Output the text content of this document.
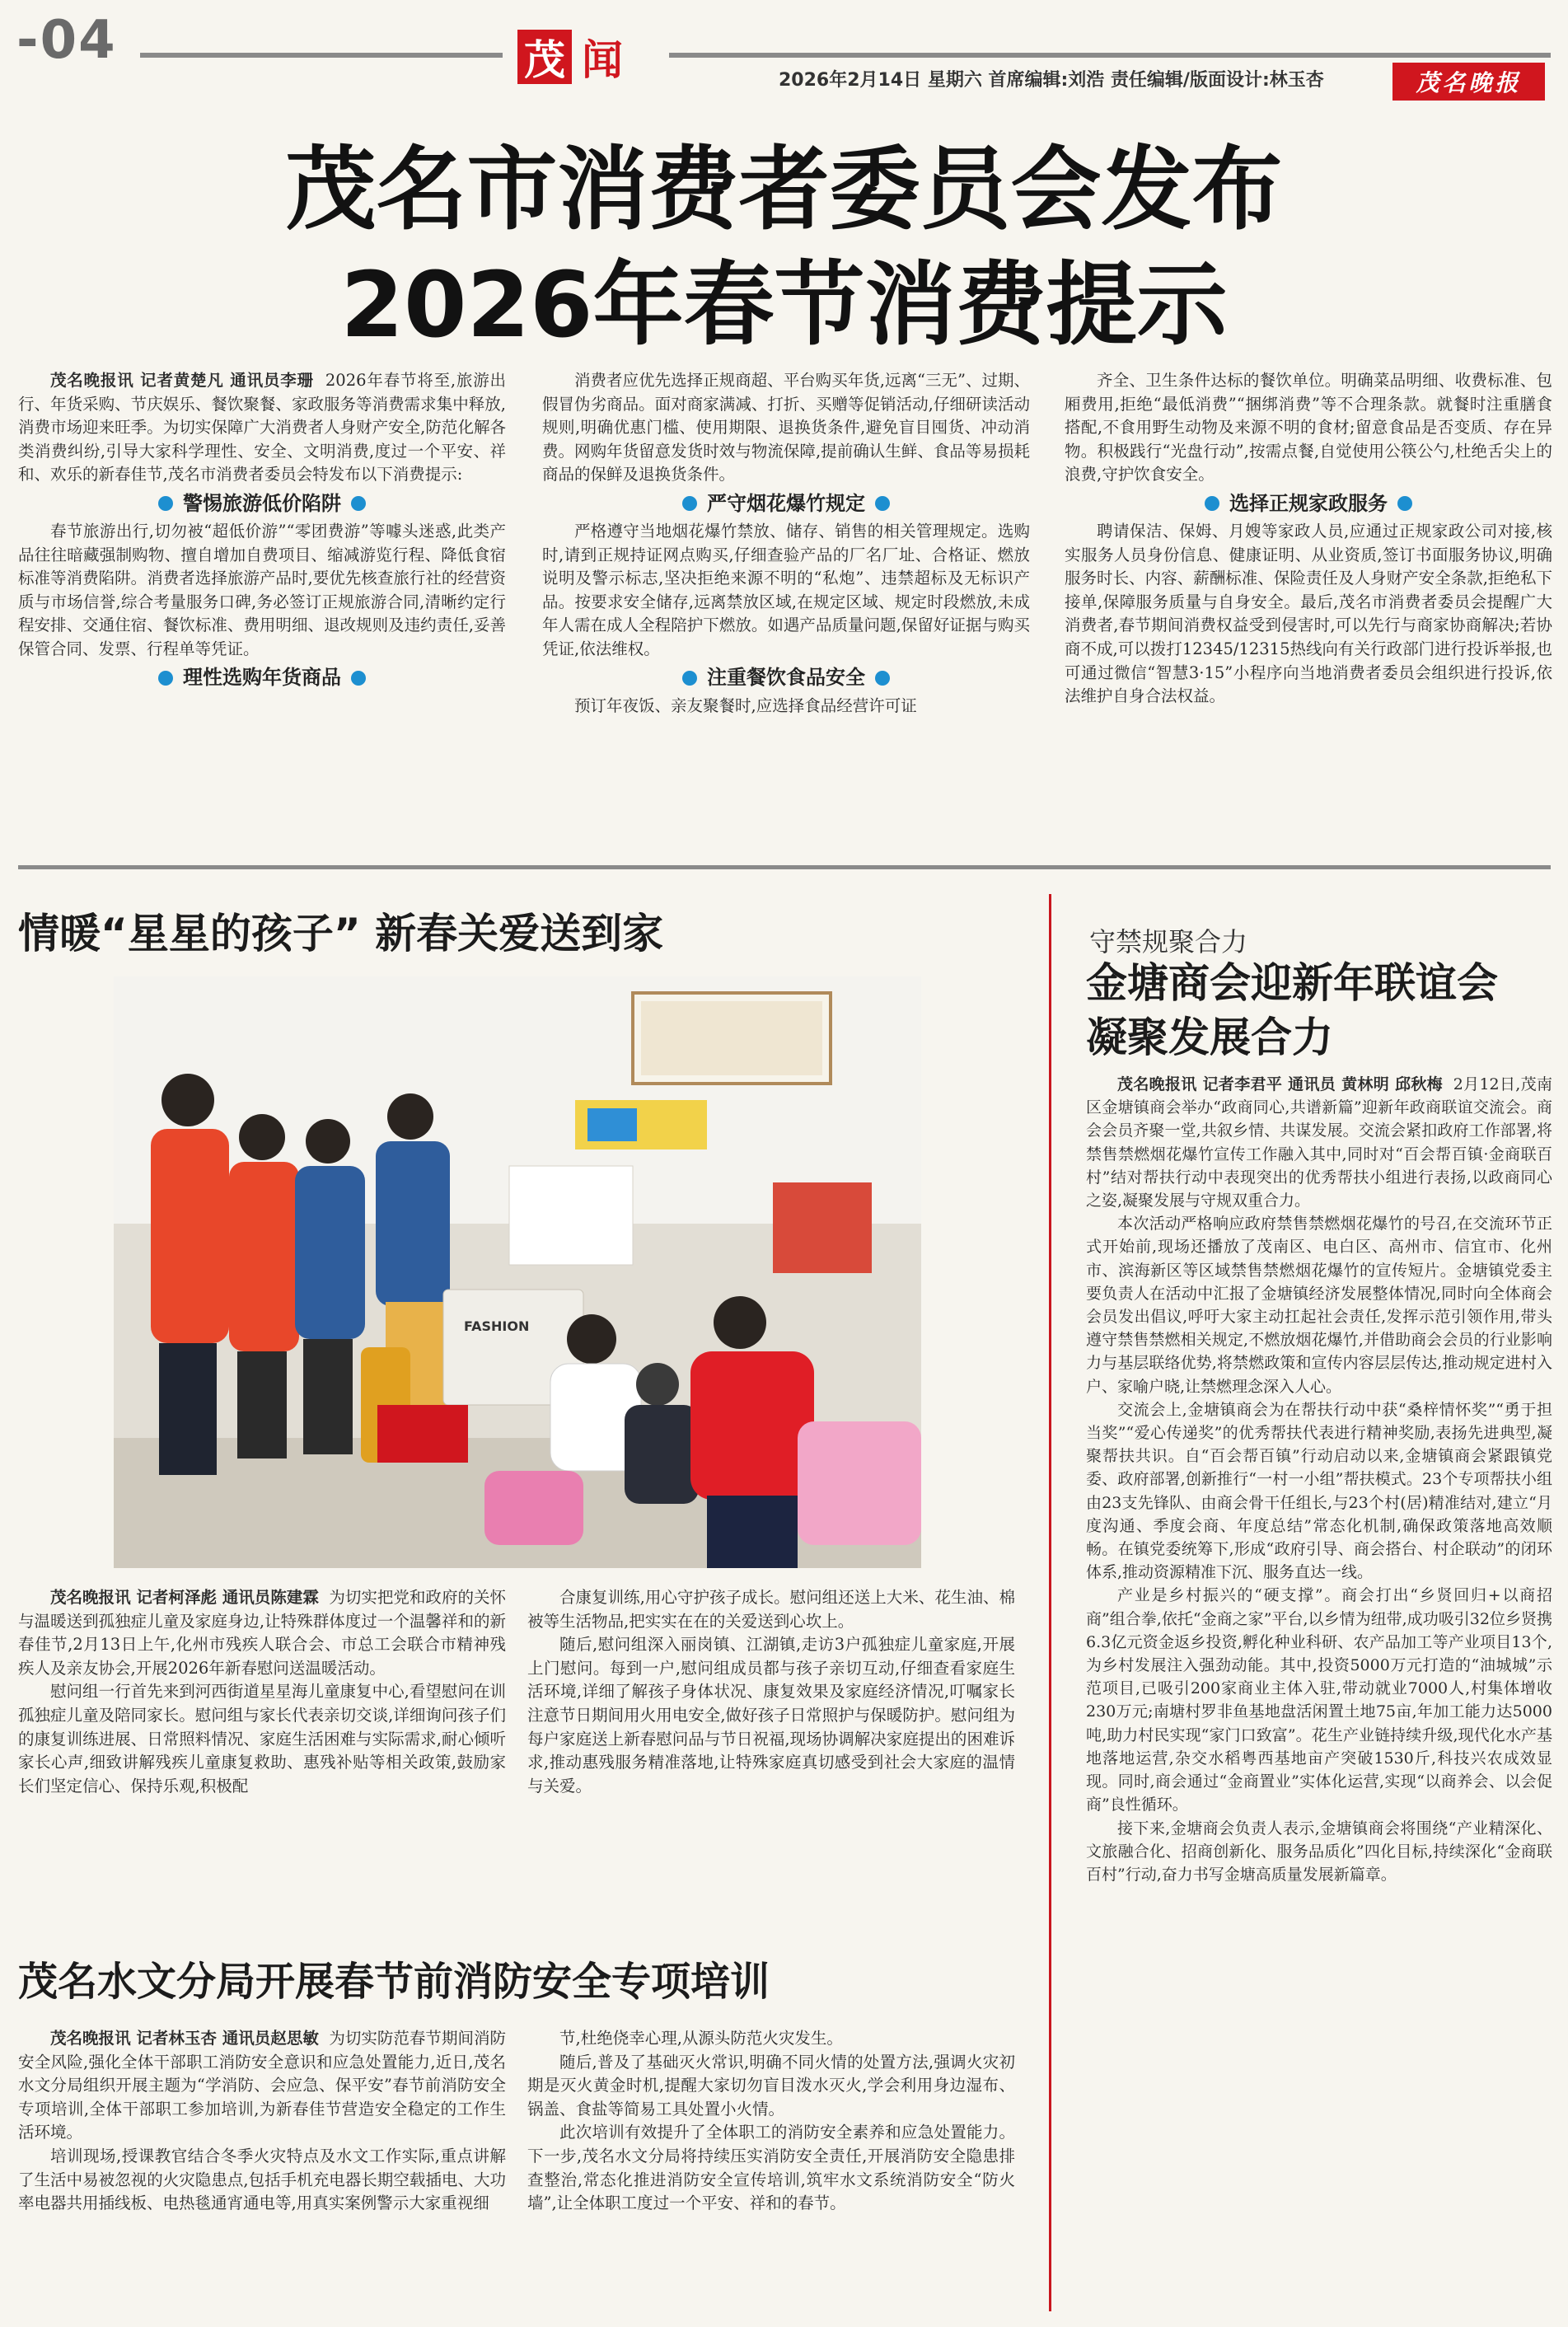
-04	茂 闻	2026年2月14日 星期六 首席编辑:刘浩 责任编辑/版面设计:林玉杏	茂名晚报
茂名市消费者委员会发布
2026年春节消费提示

茂名晚报讯 记者黄楚凡 通讯员李珊 2026年春节将至,旅游出行、年货采购、节庆娱乐、餐饮聚餐、家政服务等消费需求集中释放,消费市场迎来旺季。为切实保障广大消费者人身财产安全,防范化解各类消费纠纷,引导大家科学理性、安全、文明消费,度过一个平安、祥和、欢乐的新春佳节,茂名市消费者委员会特发布以下消费提示:

警惕旅游低价陷阱

春节旅游出行,切勿被“超低价游”“零团费游”等噱头迷惑,此类产品往往暗藏强制购物、擅自增加自费项目、缩减游览行程、降低食宿标准等消费陷阱。消费者选择旅游产品时,要优先核查旅行社的经营资质与市场信誉,综合考量服务口碑,务必签订正规旅游合同,清晰约定行程安排、交通住宿、餐饮标准、费用明细、退改规则及违约责任,妥善保管合同、发票、行程单等凭证。

理性选购年货商品

消费者应优先选择正规商超、平台购买年货,远离“三无”、过期、假冒伪劣商品。面对商家满减、打折、买赠等促销活动,仔细研读活动规则,明确优惠门槛、使用期限、退换货条件,避免盲目囤货、冲动消费。网购年货留意发货时效与物流保障,提前确认生鲜、食品等易损耗商品的保鲜及退换货条件。

严守烟花爆竹规定

严格遵守当地烟花爆竹禁放、储存、销售的相关管理规定。选购时,请到正规持证网点购买,仔细查验产品的厂名厂址、合格证、燃放说明及警示标志,坚决拒绝来源不明的“私炮”、违禁超标及无标识产品。按要求安全储存,远离禁放区域,在规定区域、规定时段燃放,未成年人需在成人全程陪护下燃放。如遇产品质量问题,保留好证据与购买凭证,依法维权。

注重餐饮食品安全

预订年夜饭、亲友聚餐时,应选择食品经营许可证

齐全、卫生条件达标的餐饮单位。明确菜品明细、收费标准、包厢费用,拒绝“最低消费”“捆绑消费”等不合理条款。就餐时注重膳食搭配,不食用野生动物及来源不明的食材;留意食品是否变质、存在异物。积极践行“光盘行动”,按需点餐,自觉使用公筷公勺,杜绝舌尖上的浪费,守护饮食安全。

选择正规家政服务

聘请保洁、保姆、月嫂等家政人员,应通过正规家政公司对接,核实服务人员身份信息、健康证明、从业资质,签订书面服务协议,明确服务时长、内容、薪酬标准、保险责任及人身财产安全条款,拒绝私下接单,保障服务质量与自身安全。最后,茂名市消费者委员会提醒广大消费者,春节期间消费权益受到侵害时,可以先行与商家协商解决;若协商不成,可以拨打12345/12315热线向有关行政部门进行投诉举报,也可通过微信“智慧3·15”小程序向当地消费者委员会组织进行投诉,依法维护自身合法权益。

情暖“星星的孩子” 新春关爱送到家
FASHION

茂名晚报讯 记者柯泽彪 通讯员陈建霖 为切实把党和政府的关怀与温暖送到孤独症儿童及家庭身边,让特殊群体度过一个温馨祥和的新春佳节,2月13日上午,化州市残疾人联合会、市总工会联合市精神残疾人及亲友协会,开展2026年新春慰问送温暖活动。

慰问组一行首先来到河西街道星星海儿童康复中心,看望慰问在训孤独症儿童及陪同家长。慰问组与家长代表亲切交谈,详细询问孩子们的康复训练进展、日常照料情况、家庭生活困难与实际需求,耐心倾听家长心声,细致讲解残疾儿童康复救助、惠残补贴等相关政策,鼓励家长们坚定信心、保持乐观,积极配

合康复训练,用心守护孩子成长。慰问组还送上大米、花生油、棉被等生活物品,把实实在在的关爱送到心坎上。

随后,慰问组深入丽岗镇、江湖镇,走访3户孤独症儿童家庭,开展上门慰问。每到一户,慰问组成员都与孩子亲切互动,仔细查看家庭生活环境,详细了解孩子身体状况、康复效果及家庭经济情况,叮嘱家长注意节日期间用火用电安全,做好孩子日常照护与保暖防护。慰问组为每户家庭送上新春慰问品与节日祝福,现场协调解决家庭提出的困难诉求,推动惠残服务精准落地,让特殊家庭真切感受到社会大家庭的温情与关爱。

茂名水文分局开展春节前消防安全专项培训

茂名晚报讯 记者林玉杏 通讯员赵思敏 为切实防范春节期间消防安全风险,强化全体干部职工消防安全意识和应急处置能力,近日,茂名水文分局组织开展主题为“学消防、会应急、保平安”春节前消防安全专项培训,全体干部职工参加培训,为新春佳节营造安全稳定的工作生活环境。

培训现场,授课教官结合冬季火灾特点及水文工作实际,重点讲解了生活中易被忽视的火灾隐患点,包括手机充电器长期空载插电、大功率电器共用插线板、电热毯通宵通电等,用真实案例警示大家重视细

节,杜绝侥幸心理,从源头防范火灾发生。

随后,普及了基础灭火常识,明确不同火情的处置方法,强调火灾初期是灭火黄金时机,提醒大家切勿盲目泼水灭火,学会利用身边湿布、锅盖、食盐等简易工具处置小火情。

此次培训有效提升了全体职工的消防安全素养和应急处置能力。下一步,茂名水文分局将持续压实消防安全责任,开展消防安全隐患排查整治,常态化推进消防安全宣传培训,筑牢水文系统消防安全“防火墙”,让全体职工度过一个平安、祥和的春节。

守禁规聚合力
金塘商会迎新年联谊会
凝聚发展合力

茂名晚报讯 记者李君平 通讯员 黄林明 邱秋梅 2月12日,茂南区金塘镇商会举办“政商同心,共谱新篇”迎新年政商联谊交流会。商会会员齐聚一堂,共叙乡情、共谋发展。交流会紧扣政府工作部署,将禁售禁燃烟花爆竹宣传工作融入其中,同时对“百会帮百镇·金商联百村”结对帮扶行动中表现突出的优秀帮扶小组进行表扬,以政商同心之姿,凝聚发展与守规双重合力。

本次活动严格响应政府禁售禁燃烟花爆竹的号召,在交流环节正式开始前,现场还播放了茂南区、电白区、高州市、信宜市、化州市、滨海新区等区域禁售禁燃烟花爆竹的宣传短片。金塘镇党委主要负责人在活动中汇报了金塘镇经济发展整体情况,同时向全体商会会员发出倡议,呼吁大家主动扛起社会责任,发挥示范引领作用,带头遵守禁售禁燃相关规定,不燃放烟花爆竹,并借助商会会员的行业影响力与基层联络优势,将禁燃政策和宣传内容层层传达,推动规定进村入户、家喻户晓,让禁燃理念深入人心。

交流会上,金塘镇商会为在帮扶行动中获“桑梓情怀奖”“勇于担当奖”“爱心传递奖”的优秀帮扶代表进行精神奖励,表扬先进典型,凝聚帮扶共识。自“百会帮百镇”行动启动以来,金塘镇商会紧跟镇党委、政府部署,创新推行“一村一小组”帮扶模式。23个专项帮扶小组由23支先锋队、由商会骨干任组长,与23个村(居)精准结对,建立“月度沟通、季度会商、年度总结”常态化机制,确保政策落地高效顺畅。在镇党委统筹下,形成“政府引导、商会搭台、村企联动”的闭环体系,推动资源精准下沉、服务直达一线。

产业是乡村振兴的“硬支撑”。商会打出“乡贤回归+以商招商”组合拳,依托“金商之家”平台,以乡情为纽带,成功吸引32位乡贤携6.3亿元资金返乡投资,孵化种业科研、农产品加工等产业项目13个,为乡村发展注入强劲动能。其中,投资5000万元打造的“油城城”示范项目,已吸引200家商业主体入驻,带动就业7000人,村集体增收230万元;南塘村罗非鱼基地盘活闲置土地75亩,年加工能力达5000吨,助力村民实现“家门口致富”。花生产业链持续升级,现代化水产基地落地运营,杂交水稻粤西基地亩产突破1530斤,科技兴农成效显现。同时,商会通过“金商置业”实体化运营,实现“以商养会、以会促商”良性循环。

接下来,金塘商会负责人表示,金塘镇商会将围绕“产业精深化、文旅融合化、招商创新化、服务品质化”四化目标,持续深化“金商联百村”行动,奋力书写金塘高质量发展新篇章。
